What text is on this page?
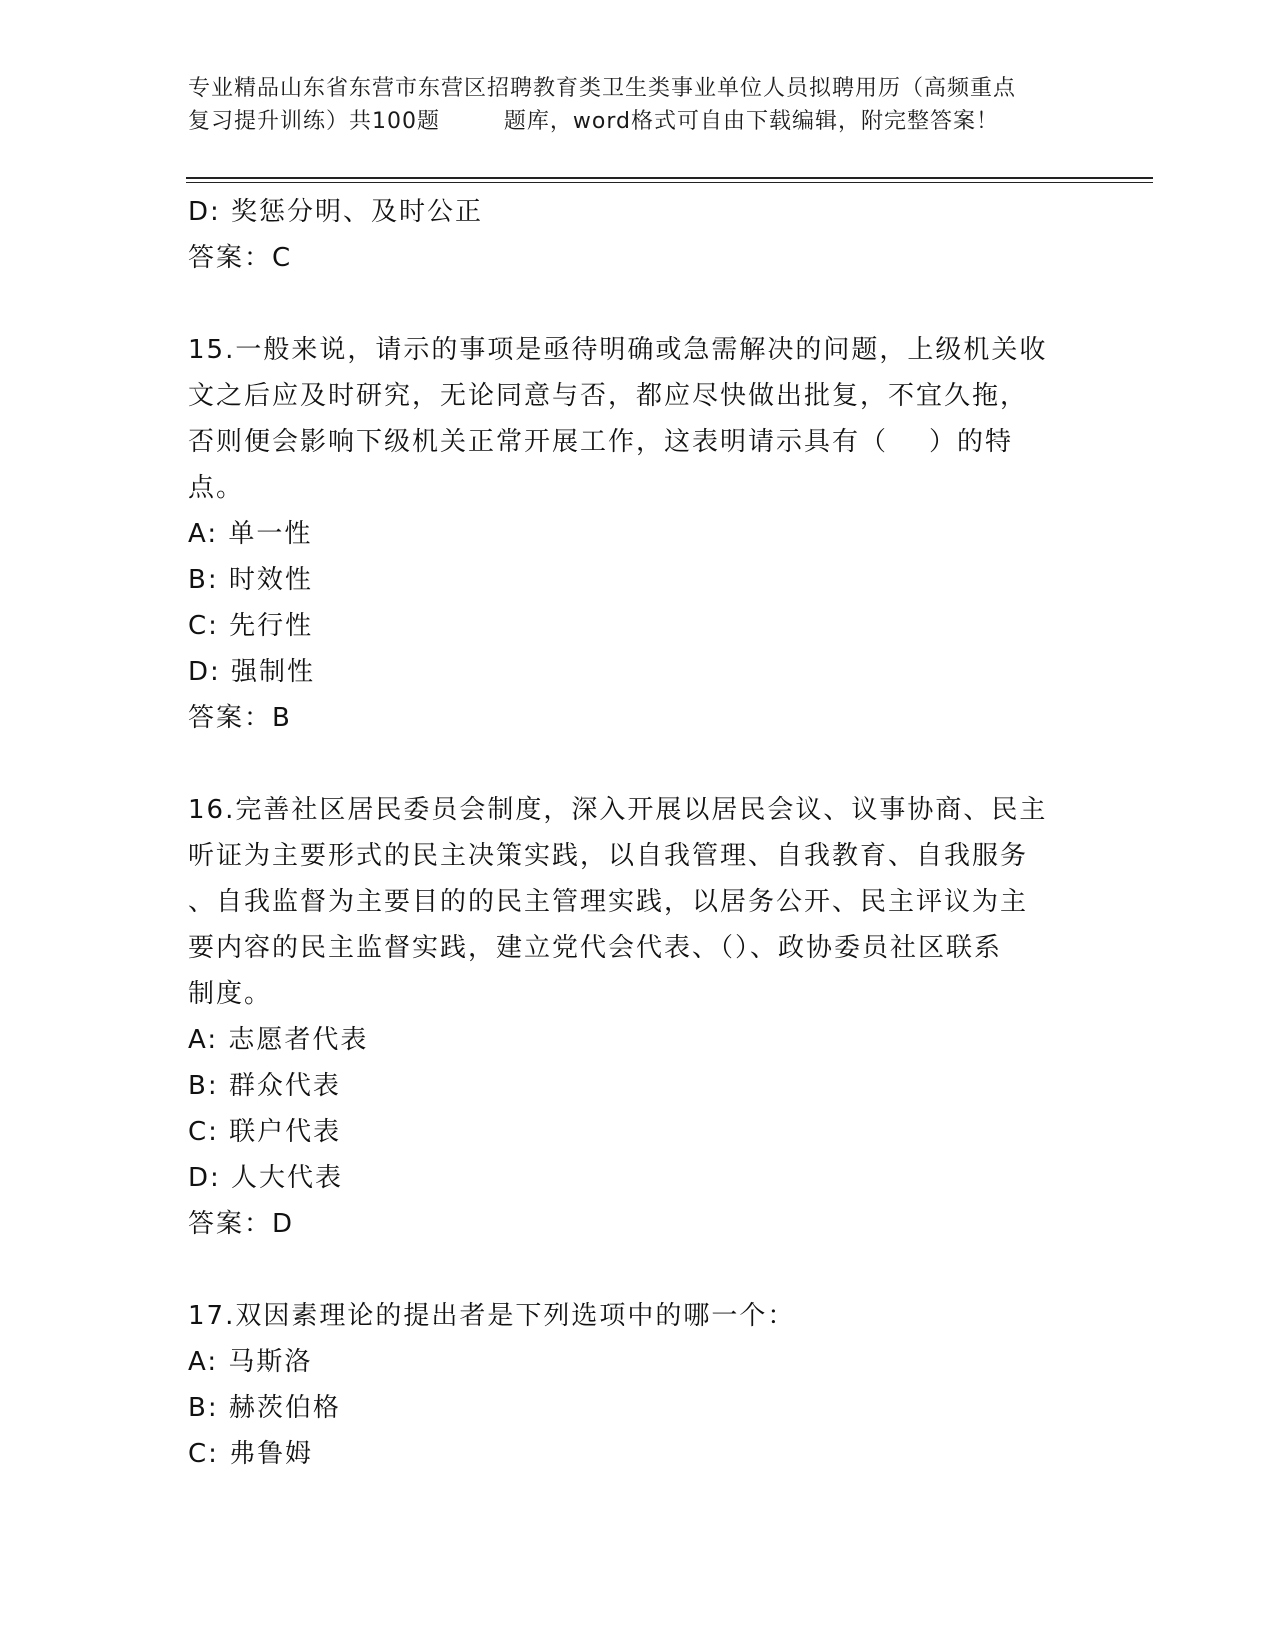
专业精品山东省东营市东营区招聘教育类卫生类事业单位人员拟聘用历（高频重点
复习提升训练）共100题        题库，word格式可自由下载编辑，附完整答案！
D: 奖惩分明、及时公正
答案：C
15.一般来说，请示的事项是亟待明确或急需解决的问题，上级机关收
文之后应及时研究，无论同意与否，都应尽快做出批复，不宜久拖，
否则便会影响下级机关正常开展工作，这表明请示具有（    ）的特
点。
A: 单一性
B: 时效性
C: 先行性
D: 强制性
答案：B
16.完善社区居民委员会制度，深入开展以居民会议、议事协商、民主
听证为主要形式的民主决策实践，以自我管理、自我教育、自我服务
、自我监督为主要目的的民主管理实践，以居务公开、民主评议为主
要内容的民主监督实践，建立党代会代表、（）、政协委员社区联系
制度。
A: 志愿者代表
B: 群众代表
C: 联户代表
D: 人大代表
答案：D
17.双因素理论的提出者是下列选项中的哪一个：
A: 马斯洛
B: 赫茨伯格
C: 弗鲁姆
